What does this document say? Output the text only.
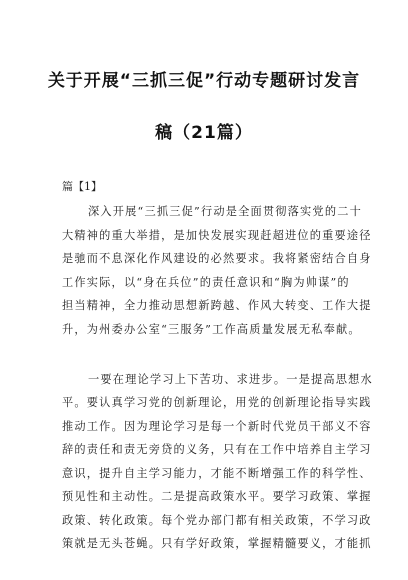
关于开展“三抓三促”行动专题研讨发言
稿（21篇）
篇【1】
深入开展“三抓三促”行动是全面贯彻落实党的二十
大精神的重大举措，是加快发展实现赶超进位的重要途径
是驰而不息深化作风建设的必然要求。我将紧密结合自身
工作实际，以“身在兵位”的责任意识和“胸为帅谋”的
担当精神，全力推动思想新跨越、作风大转变、工作大提
升，为州委办公室“三服务”工作高质量发展无私奉献。
一要在理论学习上下苦功、求进步。一是提高思想水
平。要认真学习党的创新理论，用党的创新理论指导实践
推动工作。因为理论学习是每一个新时代党员干部义不容
辞的责任和责无旁贷的义务，只有在工作中培养自主学习
意识，提升自主学习能力，才能不断增强工作的科学性、
预见性和主动性。二是提高政策水平。要学习政策、掌握
政策、转化政策。每个党办部门都有相关政策，不学习政
策就是无头苍蝇。只有学好政策，掌握精髓要义，才能抓
